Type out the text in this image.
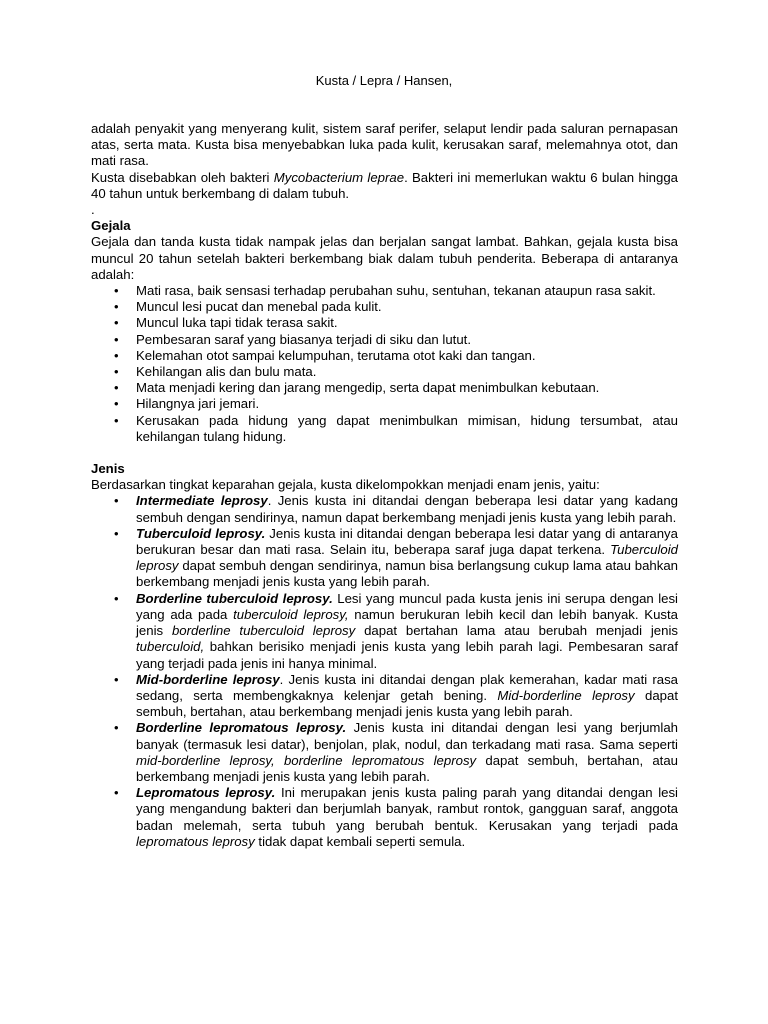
Kusta / Lepra / Hansen,

adalah penyakit yang menyerang kulit, sistem saraf perifer, selaput lendir pada saluran pernapasan atas, serta mata. Kusta bisa menyebabkan luka pada kulit, kerusakan saraf, melemahnya otot, dan mati rasa.

Kusta disebabkan oleh bakteri Mycobacterium leprae. Bakteri ini memerlukan waktu 6 bulan hingga 40 tahun untuk berkembang di dalam tubuh.

.

Gejala

Gejala dan tanda kusta tidak nampak jelas dan berjalan sangat lambat. Bahkan, gejala kusta bisa muncul 20 tahun setelah bakteri berkembang biak dalam tubuh penderita. Beberapa di antaranya adalah:

• Mati rasa, baik sensasi terhadap perubahan suhu, sentuhan, tekanan ataupun rasa sakit.
• Muncul lesi pucat dan menebal pada kulit.
• Muncul luka tapi tidak terasa sakit.
• Pembesaran saraf yang biasanya terjadi di siku dan lutut.
• Kelemahan otot sampai kelumpuhan, terutama otot kaki dan tangan.
• Kehilangan alis dan bulu mata.
• Mata menjadi kering dan jarang mengedip, serta dapat menimbulkan kebutaan.
• Hilangnya jari jemari.
• Kerusakan pada hidung yang dapat menimbulkan mimisan, hidung tersumbat, atau kehilangan tulang hidung.

Jenis

Berdasarkan tingkat keparahan gejala, kusta dikelompokkan menjadi enam jenis, yaitu:

• Intermediate leprosy. Jenis kusta ini ditandai dengan beberapa lesi datar yang kadang sembuh dengan sendirinya, namun dapat berkembang menjadi jenis kusta yang lebih parah.
• Tuberculoid leprosy. Jenis kusta ini ditandai dengan beberapa lesi datar yang di antaranya berukuran besar dan mati rasa. Selain itu, beberapa saraf juga dapat terkena. Tuberculoid leprosy dapat sembuh dengan sendirinya, namun bisa berlangsung cukup lama atau bahkan berkembang menjadi jenis kusta yang lebih parah.
• Borderline tuberculoid leprosy. Lesi yang muncul pada kusta jenis ini serupa dengan lesi yang ada pada tuberculoid leprosy, namun berukuran lebih kecil dan lebih banyak. Kusta jenis borderline tuberculoid leprosy dapat bertahan lama atau berubah menjadi jenis tuberculoid, bahkan berisiko menjadi jenis kusta yang lebih parah lagi. Pembesaran saraf yang terjadi pada jenis ini hanya minimal.
• Mid-borderline leprosy. Jenis kusta ini ditandai dengan plak kemerahan, kadar mati rasa sedang, serta membengkaknya kelenjar getah bening. Mid-borderline leprosy dapat sembuh, bertahan, atau berkembang menjadi jenis kusta yang lebih parah.
• Borderline lepromatous leprosy. Jenis kusta ini ditandai dengan lesi yang berjumlah banyak (termasuk lesi datar), benjolan, plak, nodul, dan terkadang mati rasa. Sama seperti mid-borderline leprosy, borderline lepromatous leprosy dapat sembuh, bertahan, atau berkembang menjadi jenis kusta yang lebih parah.
• Lepromatous leprosy. Ini merupakan jenis kusta paling parah yang ditandai dengan lesi yang mengandung bakteri dan berjumlah banyak, rambut rontok, gangguan saraf, anggota badan melemah, serta tubuh yang berubah bentuk. Kerusakan yang terjadi pada lepromatous leprosy tidak dapat kembali seperti semula.
